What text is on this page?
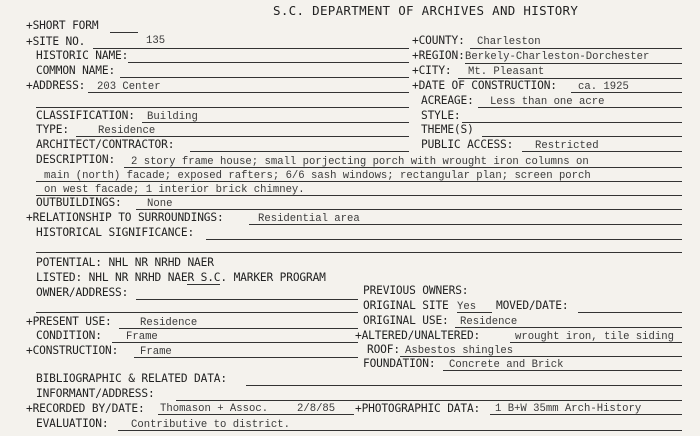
S.C. DEPARTMENT OF ARCHIVES AND HISTORY
+SHORT FORM
+SITE NO.	135	+COUNTY: Charleston
HISTORIC NAME:	+REGION: Berkely-Charleston-Dorchester
COMMON NAME:	+CITY: Mt. Pleasant
+ADDRESS: 203 Center	+DATE OF CONSTRUCTION: ca. 1925
ACREAGE: Less than one acre
CLASSIFICATION: Building	STYLE:
TYPE:	Residence	THEME(S)
ARCHITECT/CONTRACTOR:	PUBLIC ACCESS: Restricted
DESCRIPTION: 2 story frame house; small porjecting porch with wrought iron columns on
main (north) facade; exposed rafters; 6/6 sash windows; rectangular plan; screen porch
on west facade; 1 interior brick chimney.
OUTBUILDINGS: None
+RELATIONSHIP TO SURROUNDINGS:	Residential area
HISTORICAL SIGNIFICANCE:
POTENTIAL: NHL NR NRHD NAER
LISTED: NHL NR NRHD NAER S.C. MARKER PROGRAM
PREVIOUS OWNERS:
OWNER/ADDRESS:
ORIGINAL SITE Yes MOVED/DATE:
+PRESENT USE:	Residence	ORIGINAL USE: Residence
CONDITION: Frame	+ALTERED/UNALTERED:	wrought iron, tile siding
+CONSTRUCTION: Frame	ROOF: Asbestos shingles
FOUNDATION: Concrete and Brick
BIBLIOGRAPHIC & RELATED DATA:
INFORMANT/ADDRESS:
+RECORDED BY/DATE: Thomason + Assoc.	2/8/85 +PHOTOGRAPHIC DATA: 1 B+W 35mm Arch-History
EVALUATION: Contributive to district.
